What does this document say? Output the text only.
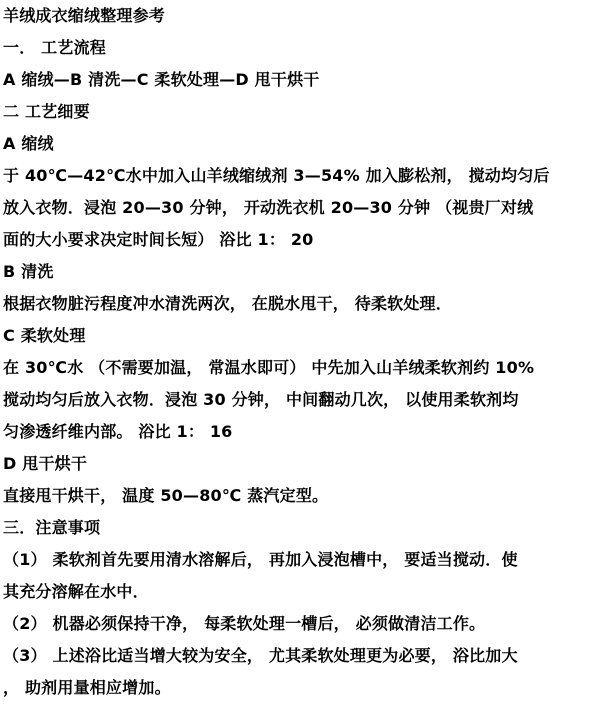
羊绒成衣缩绒整理参考
一． 工艺流程
A 缩绒—B 清洗—C 柔软处理—D 甩干烘干
二 工艺细要
A 缩绒
于 40℃—42℃水中加入山羊绒缩绒剂 3—54% 加入膨松剂， 搅动均匀后
放入衣物．浸泡 20—30 分钟， 开动洗衣机 20—30 分钟 （视贵厂对绒
面的大小要求决定时间长短） 浴比 1： 20
B 清洗
根据衣物脏污程度冲水清洗两次， 在脱水甩干， 待柔软处理．
C 柔软处理
在 30℃水 （不需要加温， 常温水即可） 中先加入山羊绒柔软剂约 10%
搅动均匀后放入衣物．浸泡 30 分钟， 中间翻动几次， 以使用柔软剂均
匀渗透纤维内部。 浴比 1： 16
D 甩干烘干
直接甩干烘干， 温度 50—80℃ 蒸汽定型。
三．注意事项
（1） 柔软剂首先要用清水溶解后， 再加入浸泡槽中， 要适当搅动．使
其充分溶解在水中．
（2） 机器必须保持干净， 每柔软处理一槽后， 必须做清洁工作。
（3） 上述浴比适当增大较为安全， 尤其柔软处理更为必要， 浴比加大
， 助剂用量相应增加。
